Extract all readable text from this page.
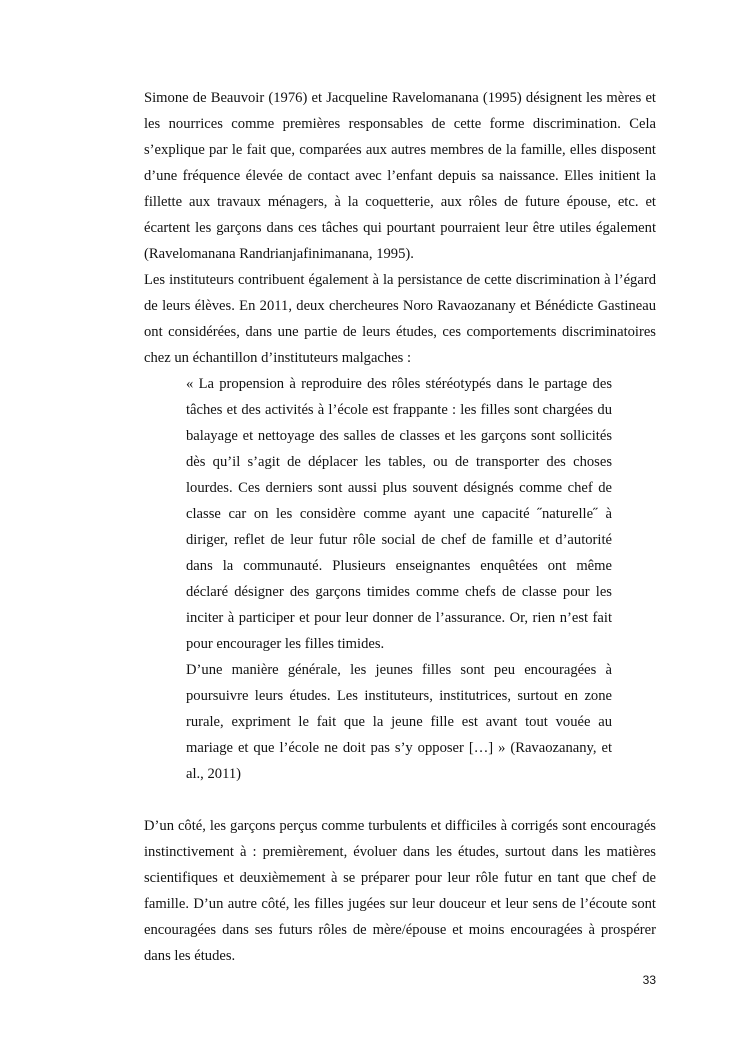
Simone de Beauvoir (1976) et Jacqueline Ravelomanana (1995) désignent les mères et les nourrices comme premières responsables de cette forme discrimination. Cela s’explique par le fait que, comparées aux autres membres de la famille, elles disposent d’une fréquence élevée de contact avec l’enfant depuis sa naissance. Elles initient la fillette aux travaux ménagers, à la coquetterie, aux rôles de future épouse, etc. et écartent les garçons dans ces tâches qui pourtant pourraient leur être utiles également (Ravelomanana Randrianjafinimanana, 1995).

Les instituteurs contribuent également à la persistance de cette discrimination à l’égard de leurs élèves. En 2011, deux chercheures Noro Ravaozanany et Bénédicte Gastineau ont considérées, dans une partie de leurs études, ces comportements discriminatoires chez un échantillon d’instituteurs malgaches :

« La propension à reproduire des rôles stéréotypés dans le partage des tâches et des activités à l’école est frappante : les filles sont chargées du balayage et nettoyage des salles de classes et les garçons sont sollicités dès qu’il s’agit de déplacer les tables, ou de transporter des choses lourdes. Ces derniers sont aussi plus souvent désignés comme chef de classe car on les considère comme ayant une capacité ˝naturelle˝ à diriger, reflet de leur futur rôle social de chef de famille et d’autorité dans la communauté. Plusieurs enseignantes enquêtées ont même déclaré désigner des garçons timides comme chefs de classe pour les inciter à participer et pour leur donner de l’assurance. Or, rien n’est fait pour encourager les filles timides.

D’une manière générale, les jeunes filles sont peu encouragées à poursuivre leurs études. Les instituteurs, institutrices, surtout en zone rurale, expriment le fait que la jeune fille est avant tout vouée au mariage et que l’école ne doit pas s’y opposer […] » (Ravaozanany, et al., 2011)

D’un côté, les garçons perçus comme turbulents et difficiles à corrigés sont encouragés instinctivement à : premièrement, évoluer dans les études, surtout dans les matières scientifiques et deuxièmement à se préparer pour leur rôle futur en tant que chef de famille. D’un autre côté, les filles jugées sur leur douceur et leur sens de l’écoute sont encouragées dans ses futurs rôles de mère/épouse et moins encouragées à prospérer dans les études.

33
